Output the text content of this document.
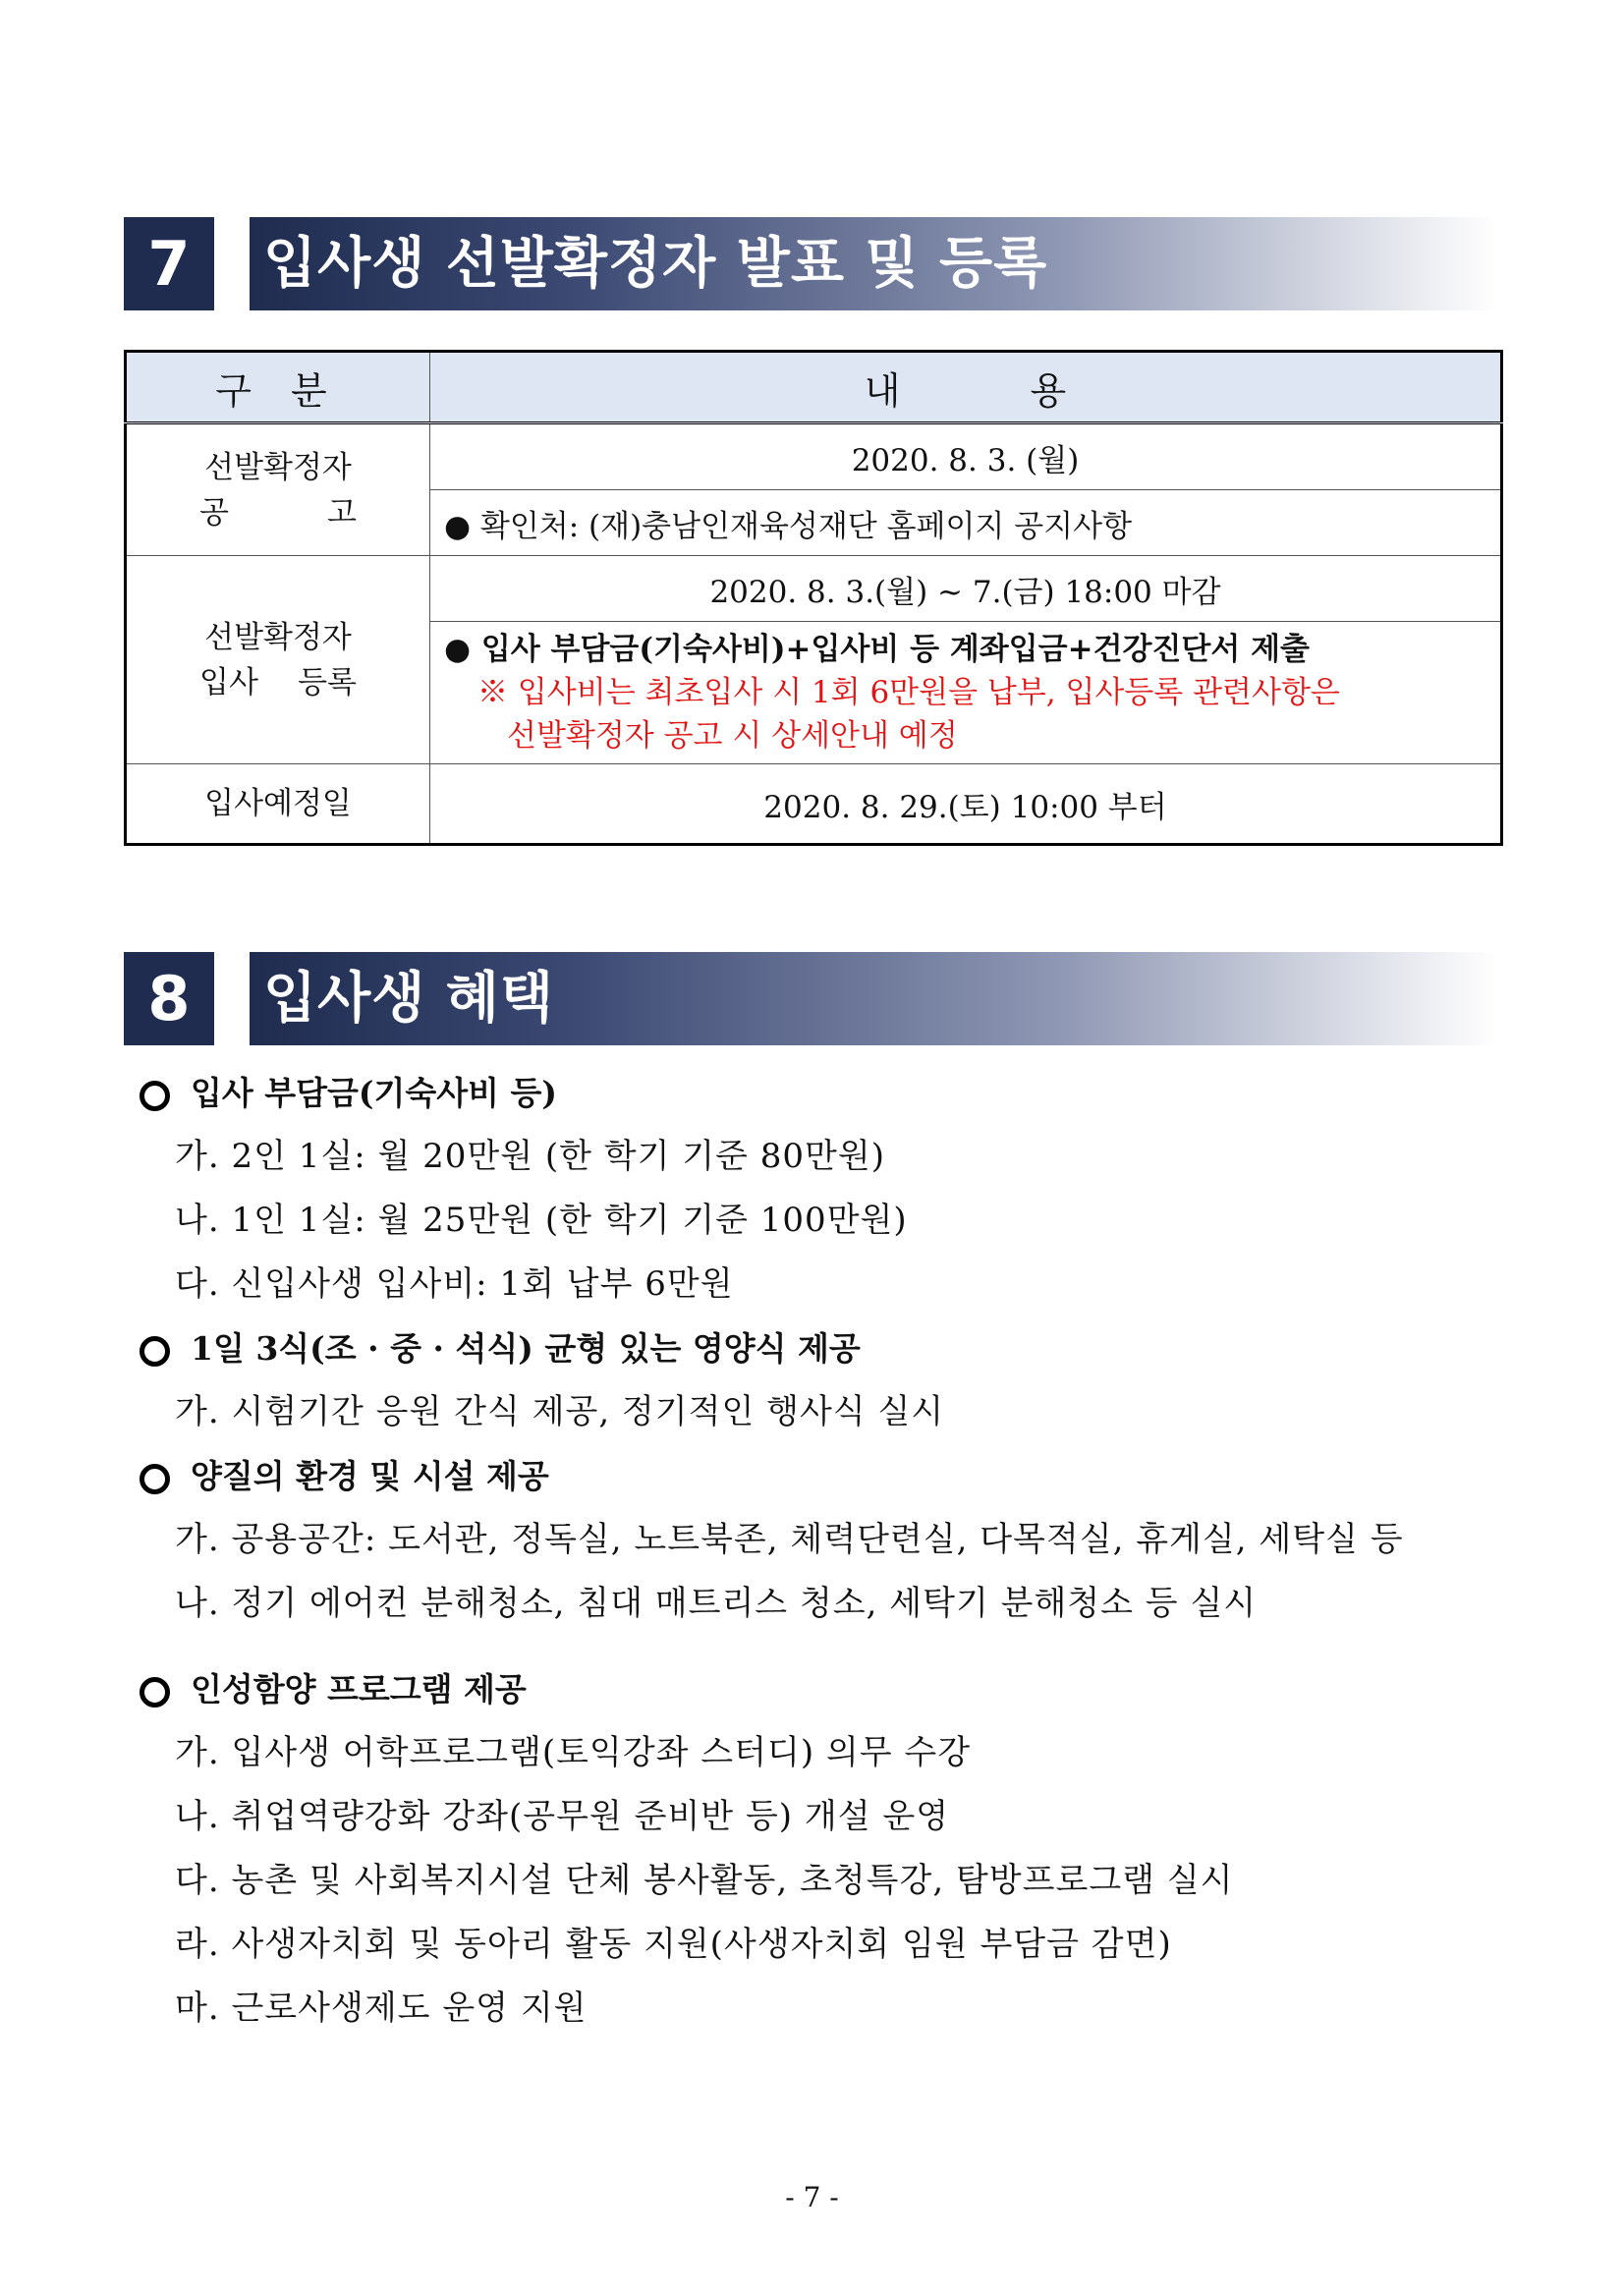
7	입사생 선발확정자 발표 및 등록
구 분	내 용

선발확정자
공 고	2020. 8. 3. (월)
	● 확인처: (재)충남인재육성재단 홈페이지 공지사항

선발확정자
입사 등록	2020. 8. 3.(월) ~ 7.(금) 18:00 마감

	● 입사 부담금(기숙사비)+입사비 등 계좌입금+건강진단서 제출
※ 입사비는 최초입사 시 1회 6만원을 납부, 입사등록 관련사항은
선발확정자 공고 시 상세안내 예정

입사예정일	2020. 8. 29.(토) 10:00 부터
8	입사생 혜택
입사 부담금(기숙사비 등)
가. 2인 1실: 월 20만원 (한 학기 기준 80만원)
나. 1인 1실: 월 25만원 (한 학기 기준 100만원)
다. 신입사생 입사비: 1회 납부 6만원
1일 3식(조 · 중 · 석식) 균형 있는 영양식 제공
가. 시험기간 응원 간식 제공, 정기적인 행사식 실시
양질의 환경 및 시설 제공
가. 공용공간: 도서관, 정독실, 노트북존, 체력단련실, 다목적실, 휴게실, 세탁실 등
나. 정기 에어컨 분해청소, 침대 매트리스 청소, 세탁기 분해청소 등 실시
인성함양 프로그램 제공
가. 입사생 어학프로그램(토익강좌 스터디) 의무 수강
나. 취업역량강화 강좌(공무원 준비반 등) 개설 운영
다. 농촌 및 사회복지시설 단체 봉사활동, 초청특강, 탐방프로그램 실시
라. 사생자치회 및 동아리 활동 지원(사생자치회 임원 부담금 감면)
마. 근로사생제도 운영 지원
- 7 -
